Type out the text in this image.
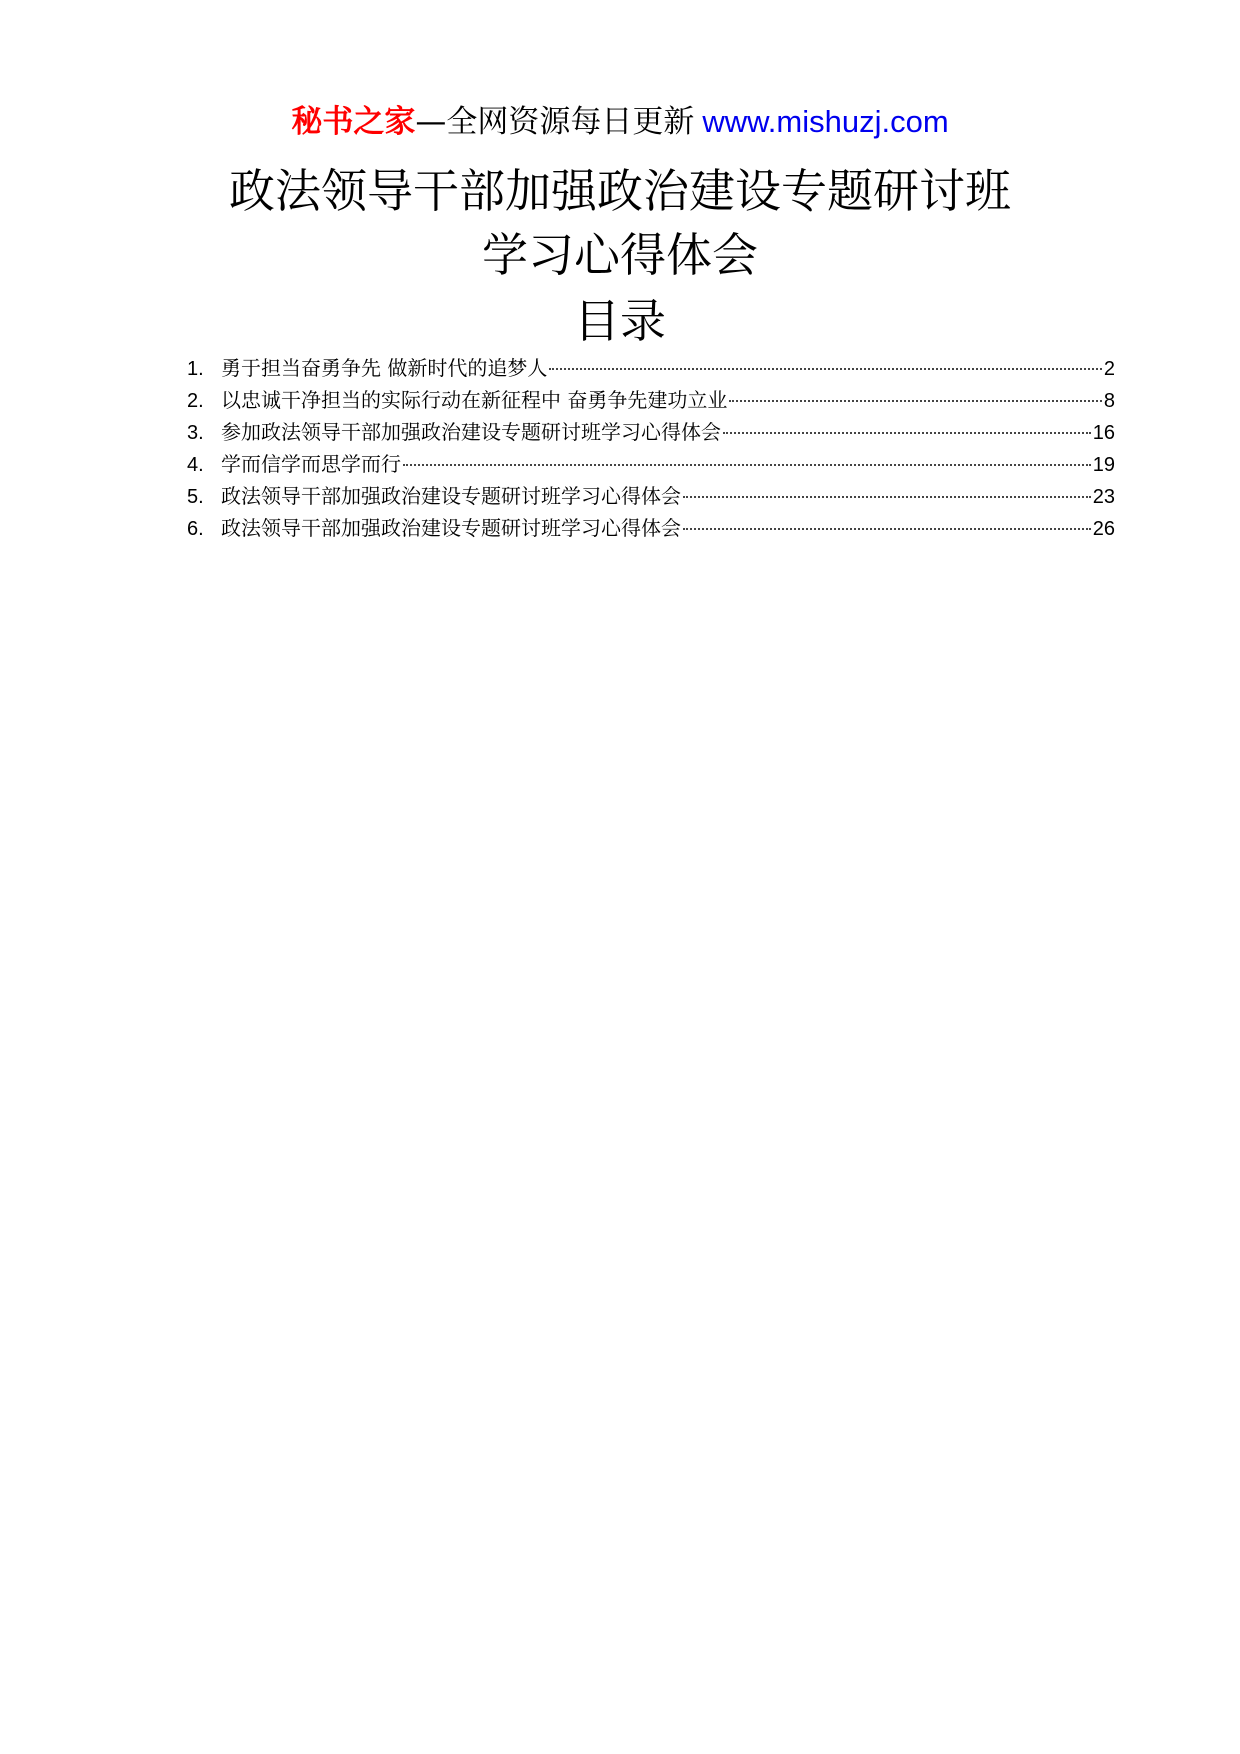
秘书之家—全网资源每日更新 www.mishuzj.com
政法领导干部加强政治建设专题研讨班
学习心得体会
目录
1. 勇于担当奋勇争先 做新时代的追梦人	2
2. 以忠诚干净担当的实际行动在新征程中 奋勇争先建功立业	8
3. 参加政法领导干部加强政治建设专题研讨班学习心得体会	16
4. 学而信学而思学而行	19
5. 政法领导干部加强政治建设专题研讨班学习心得体会	23
6. 政法领导干部加强政治建设专题研讨班学习心得体会	26
